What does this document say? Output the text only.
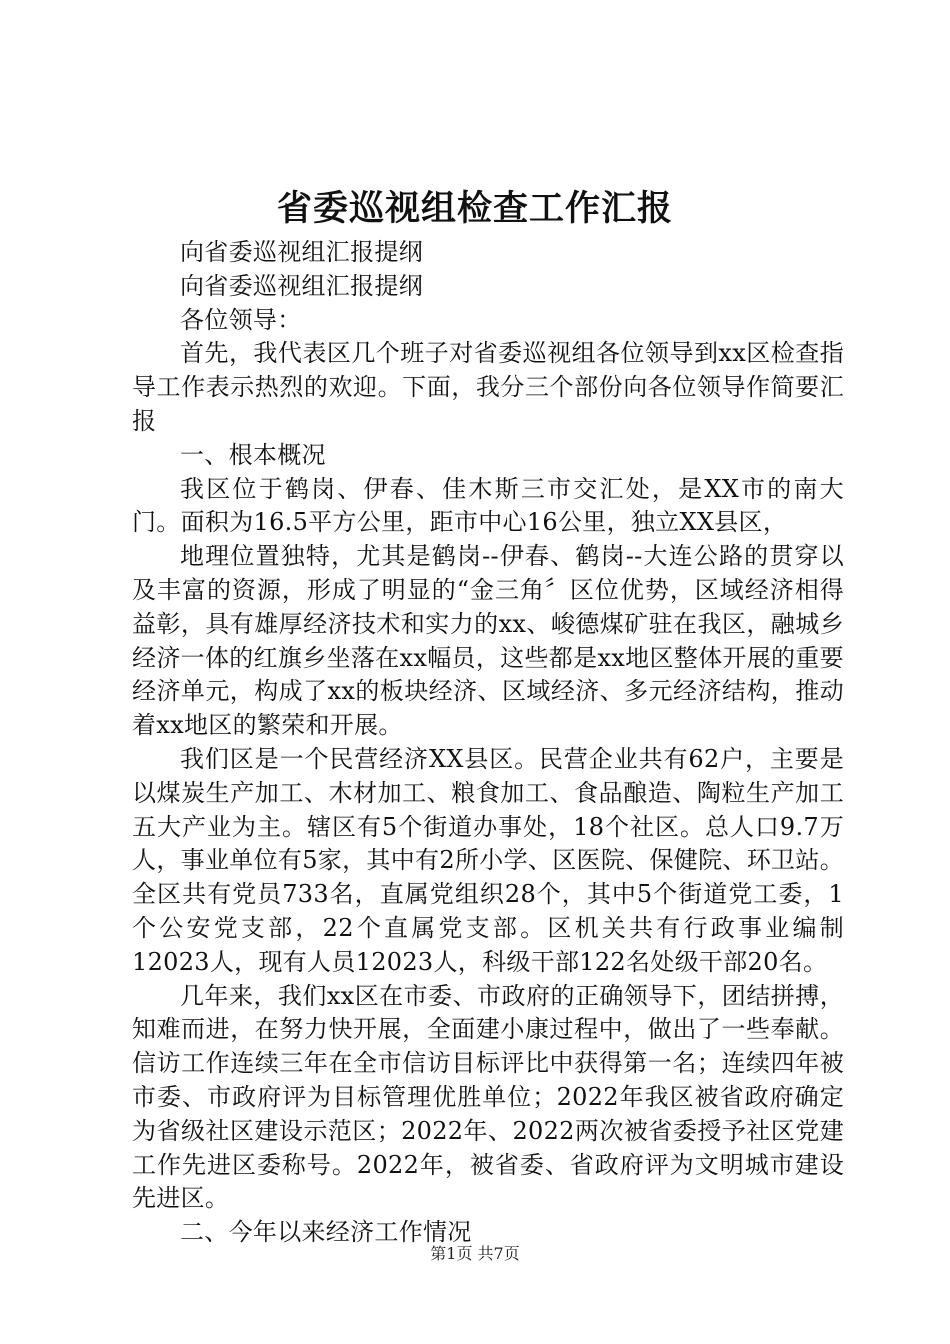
省委巡视组检查工作汇报

向省委巡视组汇报提纲

向省委巡视组汇报提纲

各位领导：

首先，我代表区几个班子对省委巡视组各位领导到xx区检查指导工作表示热烈的欢迎。下面，我分三个部份向各位领导作简要汇报

一、根本概况

我区位于鹤岗、伊春、佳木斯三市交汇处，是XX市的南大门。面积为16.5平方公里，距市中心16公里，独立XX县区，

地理位置独特，尤其是鹤岗--伊春、鹤岗--大连公路的贯穿以及丰富的资源，形成了明显的“金三角〞区位优势，区域经济相得益彰，具有雄厚经济技术和实力的xx、峻德煤矿驻在我区，融城乡经济一体的红旗乡坐落在xx幅员，这些都是xx地区整体开展的重要经济单元，构成了xx的板块经济、区域经济、多元经济结构，推动着xx地区的繁荣和开展。

我们区是一个民营经济XX县区。民营企业共有62户，主要是以煤炭生产加工、木材加工、粮食加工、食品酿造、陶粒生产加工五大产业为主。辖区有5个街道办事处，18个社区。总人口9.7万人，事业单位有5家，其中有2所小学、区医院、保健院、环卫站。全区共有党员733名，直属党组织28个，其中5个街道党工委，1个公安党支部，22个直属党支部。区机关共有行政事业编制12023人，现有人员12023人，科级干部122名处级干部20名。

几年来，我们xx区在市委、市政府的正确领导下，团结拼搏，知难而进，在努力快开展，全面建小康过程中，做出了一些奉献。信访工作连续三年在全市信访目标评比中获得第一名；连续四年被市委、市政府评为目标管理优胜单位；2022年我区被省政府确定为省级社区建设示范区；2022年、2022两次被省委授予社区党建工作先进区委称号。2022年，被省委、省政府评为文明城市建设先进区。

二、今年以来经济工作情况

第1页 共7页
